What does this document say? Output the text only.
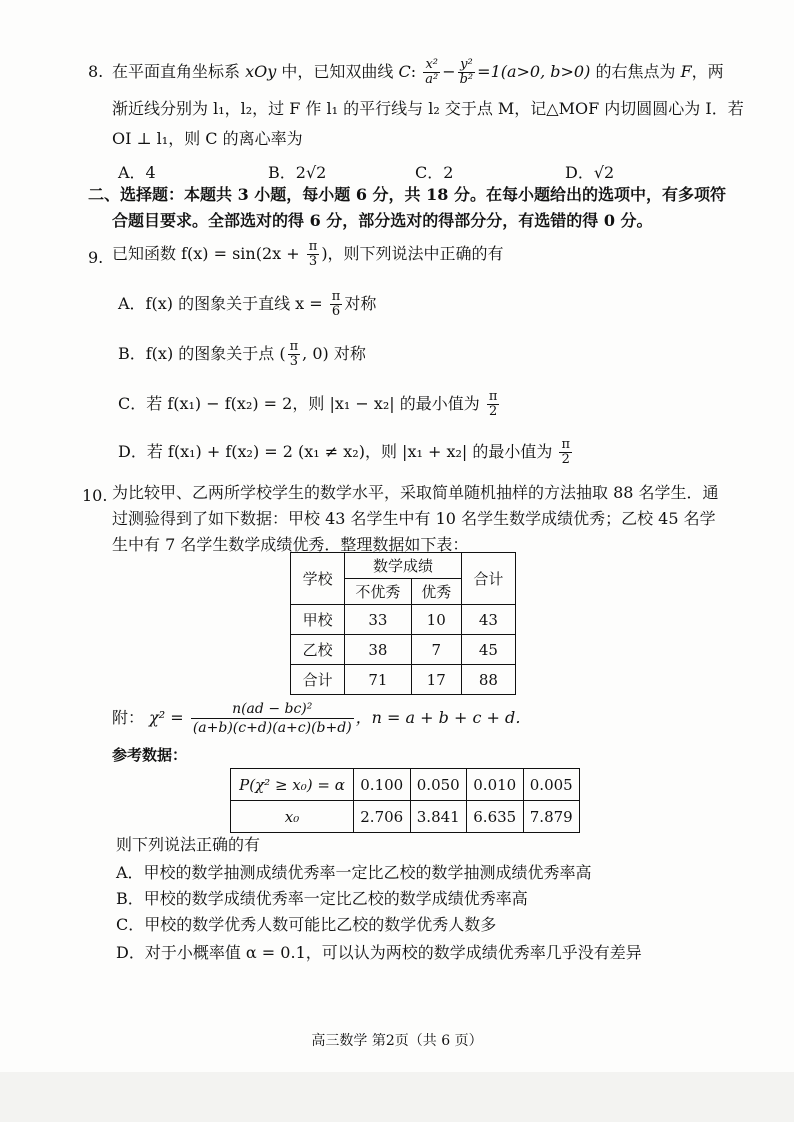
8. 在平面直角坐标系 xOy 中，已知双曲线 C: $\frac{\text{x²}}{\text{a²}} - \frac{\text{y²}}{\text{b²}} =1(a>0$, b>0) 的右焦点为 F，两
渐近线分别为 l₁，l₂，过 F 作 l₁ 的平行线与 l₂ 交于点 M，记△MOF 内切圆圆心为 I．若
OI ⊥ l₁，则 C 的离心率为
A．4	B．2√2	C．2	D．√2
二、选择题：本题共 3 小题，每小题 6 分，共 18 分。在每小题给出的选项中，有多项符
合题目要求。全部选对的得 6 分，部分选对的得部分分，有选错的得 0 分。
9. 已知函数 $f(x) = \sin(2x + \frac{\pi}{3}$ )，则下列说法中正确的有
A．f(x) 的图象关于直线 $x = \frac{\pi}{6}$ 对称
B．f(x) 的图象关于点 ( $\frac{\pi}{3}$ , 0) 对称
C．若 f(x₁) − f(x₂) = 2，则 |x₁ − x₂| 的最小值为 $\frac{\pi}{2}$
D．若 f(x₁) + f(x₂) = 2 (x₁ ≠ x₂)，则 |x₁ + x₂| 的最小值为 $\frac{\pi}{2}$
10. 为比较甲、乙两所学校学生的数学水平，采取简单随机抽样的方法抽取 88 名学生．通
过测验得到了如下数据：甲校 43 名学生中有 10 名学生数学成绩优秀；乙校 45 名学
生中有 7 名学生数学成绩优秀．整理数据如下表：
学校	数学成绩		合计
	不优秀	优秀	
甲校	33	10	43
乙校	38	7	45
合计	71	17	88
附： $\chi^2 = \frac{\text{n(ad − bc)²}}{(a+b)(c+d)(a+c)(b+d)}$ ，n = a + b + c + d．
参考数据：
P(χ² ≥ x₀) = α	0.100	0.050	0.010	0.005
x₀	2.706	3.841	6.635	7.879
则下列说法正确的有
A．甲校的数学抽测成绩优秀率一定比乙校的数学抽测成绩优秀率高
B．甲校的数学成绩优秀率一定比乙校的数学成绩优秀率高
C．甲校的数学优秀人数可能比乙校的数学优秀人数多
D．对于小概率值 α = 0.1，可以认为两校的数学成绩优秀率几乎没有差异
高三数学 第2页（共 6 页）
